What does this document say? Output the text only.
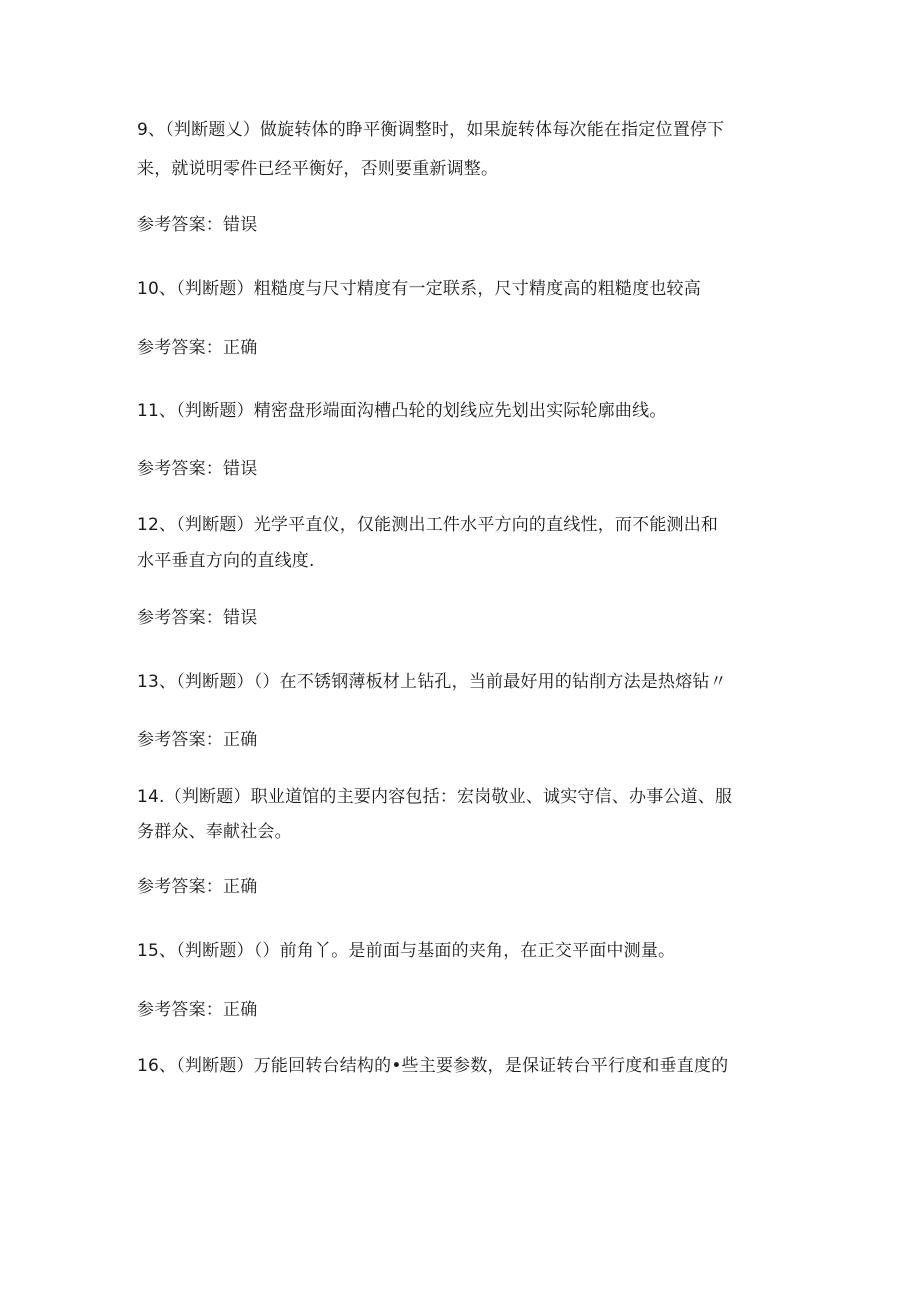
9、（判断题乂）做旋转体的睁平衡调整时，如果旋转体每次能在指定位置停下
来，就说明零件已经平衡好，否则要重新调整。
参考答案：错误
10、（判断题）粗糙度与尺寸精度有一定联系，尺寸精度高的粗糙度也较高
参考答案：正确
11、（判断题）精密盘形端面沟槽凸轮的划线应先划出实际轮廓曲线。
参考答案：错误
12、（判断题）光学平直仪，仅能测出工件水平方向的直线性，而不能测出和
水平垂直方向的直线度.
参考答案：错误
13、（判断题）（）在不锈钢薄板材上钻孔，当前最好用的钻削方法是热熔钻〃
参考答案：正确
14.（判断题）职业道馆的主要内容包括：宏岗敬业、诚实守信、办事公道、服
务群众、奉献社会。
参考答案：正确
15、（判断题）（）前角丫。是前面与基面的夹角，在正交平面中测量。
参考答案：正确
16、（判断题）万能回转台结构的•些主要参数，是保证转台平行度和垂直度的
